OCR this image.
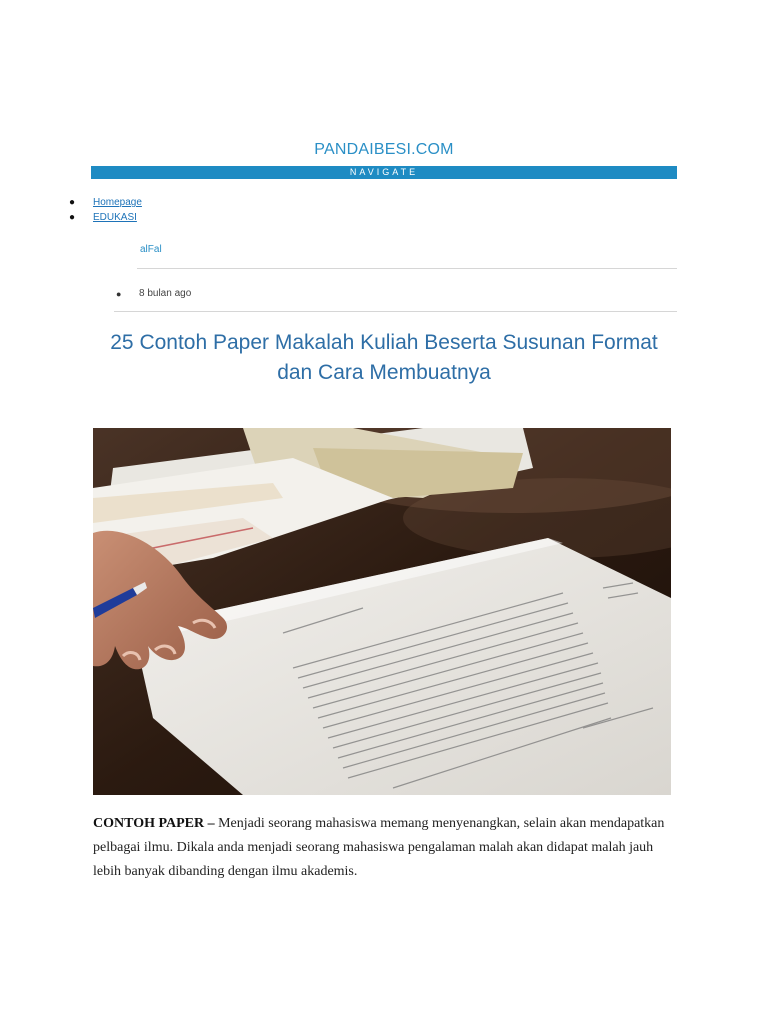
PANDAIBESI.COM
NAVIGATE
● Homepage
● EDUKASI
alFal
● 8 bulan ago
25 Contoh Paper Makalah Kuliah Beserta Susunan Format dan Cara Membuatnya

CONTOH PAPER – Menjadi seorang mahasiswa memang menyenangkan, selain akan mendapatkan pelbagai ilmu. Dikala anda menjadi seorang mahasiswa pengalaman malah akan didapat malah jauh lebih banyak dibanding dengan ilmu akademis.
